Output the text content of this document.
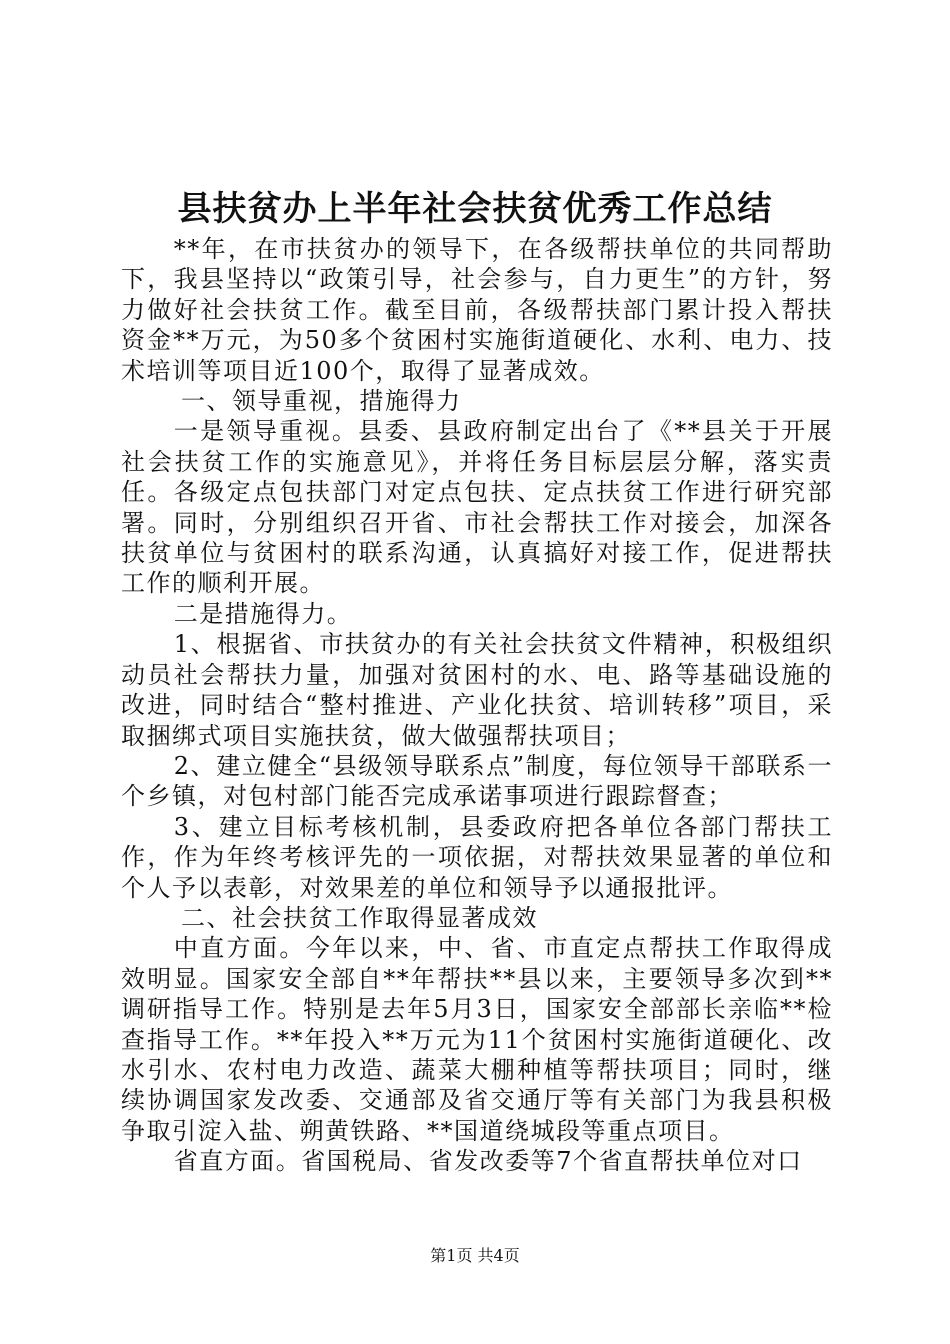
县扶贫办上半年社会扶贫优秀工作总结

**年，在市扶贫办的领导下，在各级帮扶单位的共同帮助下，我县坚持以“政策引导，社会参与，自力更生”的方针，努力做好社会扶贫工作。截至目前，各级帮扶部门累计投入帮扶资金**万元，为50多个贫困村实施街道硬化、水利、电力、技术培训等项目近100个，取得了显著成效。

一、领导重视，措施得力

一是领导重视。县委、县政府制定出台了《**县关于开展社会扶贫工作的实施意见》，并将任务目标层层分解，落实责任。各级定点包扶部门对定点包扶、定点扶贫工作进行研究部署。同时，分别组织召开省、市社会帮扶工作对接会，加深各扶贫单位与贫困村的联系沟通，认真搞好对接工作，促进帮扶工作的顺利开展。

二是措施得力。

1、根据省、市扶贫办的有关社会扶贫文件精神，积极组织动员社会帮扶力量，加强对贫困村的水、电、路等基础设施的改进，同时结合“整村推进、产业化扶贫、培训转移”项目，采取捆绑式项目实施扶贫，做大做强帮扶项目；

2、建立健全“县级领导联系点”制度，每位领导干部联系一个乡镇，对包村部门能否完成承诺事项进行跟踪督查；

3、建立目标考核机制，县委政府把各单位各部门帮扶工作，作为年终考核评先的一项依据，对帮扶效果显著的单位和个人予以表彰，对效果差的单位和领导予以通报批评。

二、社会扶贫工作取得显著成效

中直方面。今年以来，中、省、市直定点帮扶工作取得成效明显。国家安全部自**年帮扶**县以来，主要领导多次到**调研指导工作。特别是去年5月3日，国家安全部部长亲临**检查指导工作。**年投入**万元为11个贫困村实施街道硬化、改水引水、农村电力改造、蔬菜大棚种植等帮扶项目；同时，继续协调国家发改委、交通部及省交通厅等有关部门为我县积极争取引淀入盐、朔黄铁路、**国道绕城段等重点项目。

省直方面。省国税局、省发改委等7个省直帮扶单位对口

第1页 共4页
